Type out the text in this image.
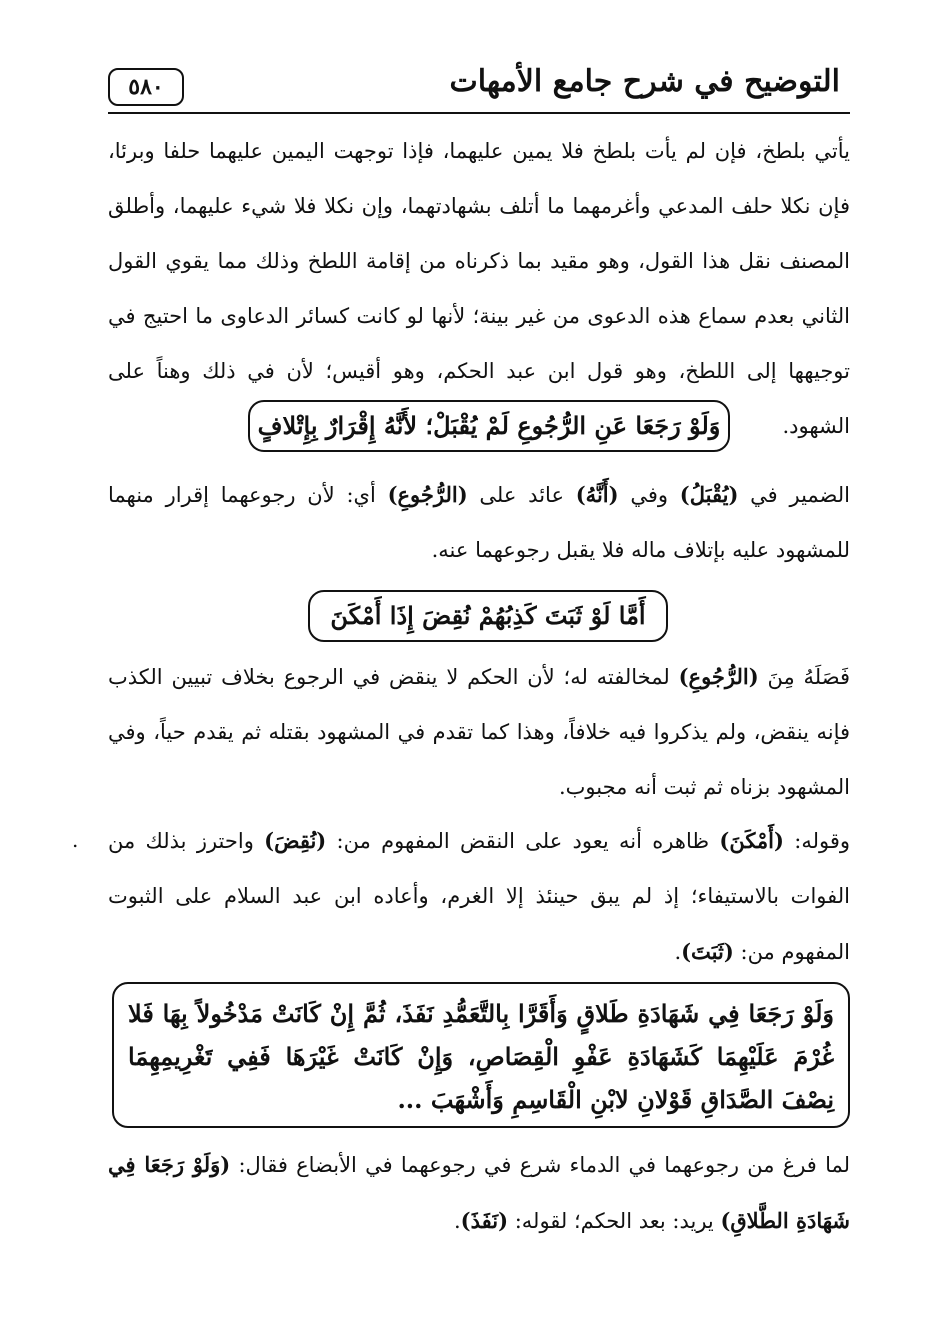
٥٨٠	التوضيح في شرح جامع الأمهات

يأتي بلطخ، فإن لم يأت بلطخ فلا يمين عليهما، فإذا توجهت اليمين عليهما حلفا وبرئا، فإن نكلا حلف المدعي وأغرمهما ما أتلف بشهادتهما، وإن نكلا فلا شيء عليهما، وأطلق المصنف نقل هذا القول، وهو مقيد بما ذكرناه من إقامة اللطخ وذلك مما يقوي القول الثاني بعدم سماع هذه الدعوى من غير بينة؛ لأنها لو كانت كسائر الدعاوى ما احتيج في توجيهها إلى اللطخ، وهو قول ابن عبد الحكم، وهو أقيس؛ لأن في ذلك وهناً على الشهود.

وَلَوْ رَجَعَا عَنِ الرُّجُوعِ لَمْ يُقْبَلْ؛ لأَنَّهُ إِقْرَارٌ بِإِتْلافٍ

الضمير في (يُقْبَلُ) وفي (أَنَّهُ) عائد على (الرُّجُوعِ) أي: لأن رجوعهما إقرار منهما للمشهود عليه بإتلاف ماله فلا يقبل رجوعهما عنه.

أَمَّا لَوْ ثَبَتَ كَذِبُهُمْ نُقِضَ إِذَا أَمْكَنَ

فَصَلَهُ مِنَ (الرُّجُوعِ) لمخالفته له؛ لأن الحكم لا ينقض في الرجوع بخلاف تبيين الكذب فإنه ينقض، ولم يذكروا فيه خلافاً، وهذا كما تقدم في المشهود بقتله ثم يقدم حياً، وفي المشهود بزناه ثم ثبت أنه مجبوب.

وقوله: (أَمْكَنَ) ظاهره أنه يعود على النقض المفهوم من: (نُقِضَ) واحترز بذلك من الفوات بالاستيفاء؛ إذ لم يبق حينئذ إلا الغرم، وأعاده ابن عبد السلام على الثبوت المفهوم من: (ثَبَتَ).

.
وَلَوْ رَجَعَا فِي شَهَادَةِ طَلاقٍ وَأَقَرَّا بِالتَّعَمُّدِ نَفَذَ، ثُمَّ إِنْ كَانَتْ مَدْخُولاً بِهَا فَلا غُرْمَ عَلَيْهِمَا كَشَهَادَةِ عَفْوِ الْقِصَاصِ، وَإِنْ كَانَتْ غَيْرَهَا فَفِي تَغْرِيمِهِمَا نِصْفَ الصَّدَاقِ قَوْلانِ لابْنِ الْقَاسِمِ وَأَشْهَبَ ...

لما فرغ من رجوعهما في الدماء شرع في رجوعهما في الأبضاع فقال: (وَلَوْ رَجَعَا فِي شَهَادَةِ الطَّلاقِ) يريد: بعد الحكم؛ لقوله: (نَفَذَ).
